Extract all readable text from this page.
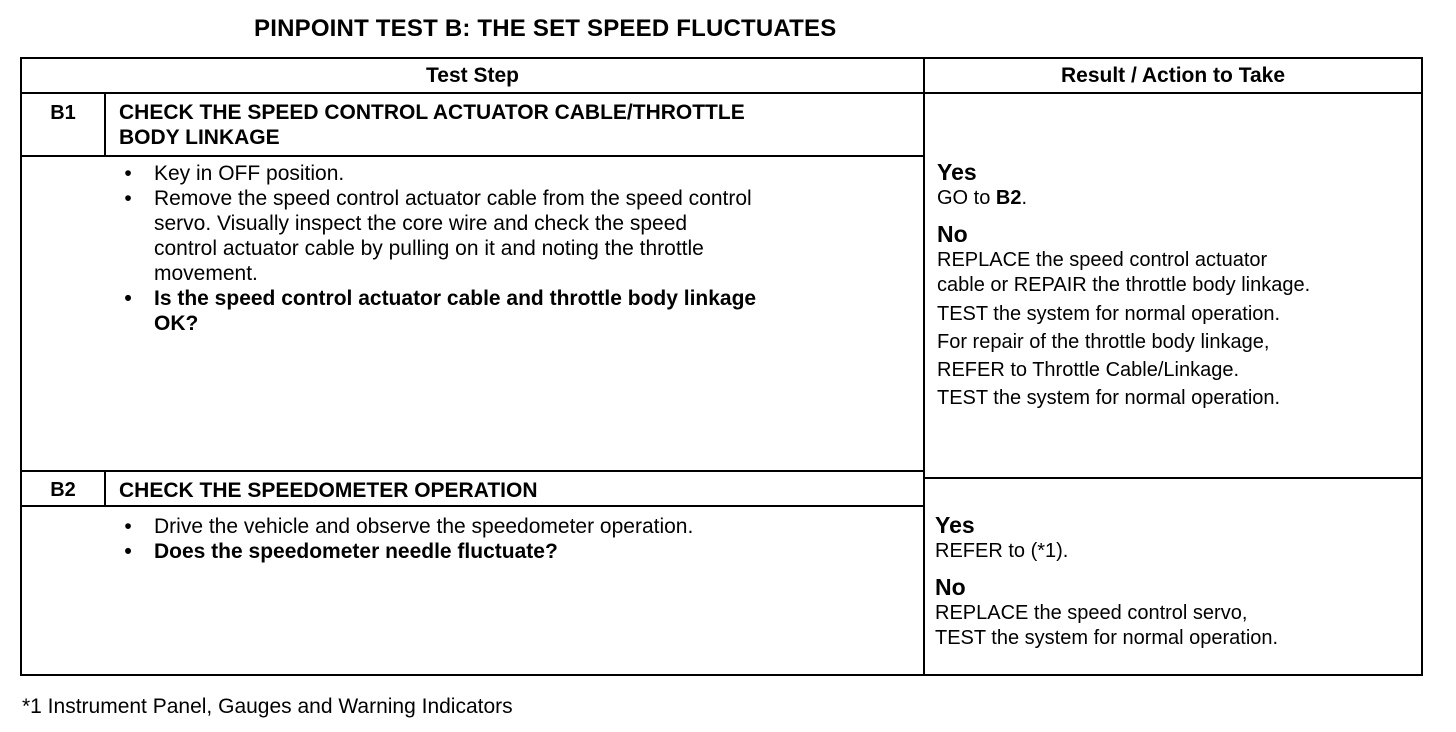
PINPOINT TEST B: THE SET SPEED FLUCTUATES
Test Step	Result / Action to Take
B1	CHECK THE SPEED CONTROL ACTUATOR CABLE/THROTTLE
BODY LINKAGE
•	Key in OFF position.
•	Remove the speed control actuator cable from the speed control
servo. Visually inspect the core wire and check the speed
control actuator cable by pulling on it and noting the throttle
movement.
•	Is the speed control actuator cable and throttle body linkage
OK?
Yes
GO to B2.
No
REPLACE the speed control actuator
cable or REPAIR the throttle body linkage.
TEST the system for normal operation.
For repair of the throttle body linkage,
REFER to Throttle Cable/Linkage.
TEST the system for normal operation.
B2	CHECK THE SPEEDOMETER OPERATION
•	Drive the vehicle and observe the speedometer operation.
•	Does the speedometer needle fluctuate?
Yes
REFER to (*1).
No
REPLACE the speed control servo,
TEST the system for normal operation.
*1 Instrument Panel, Gauges and Warning Indicators
